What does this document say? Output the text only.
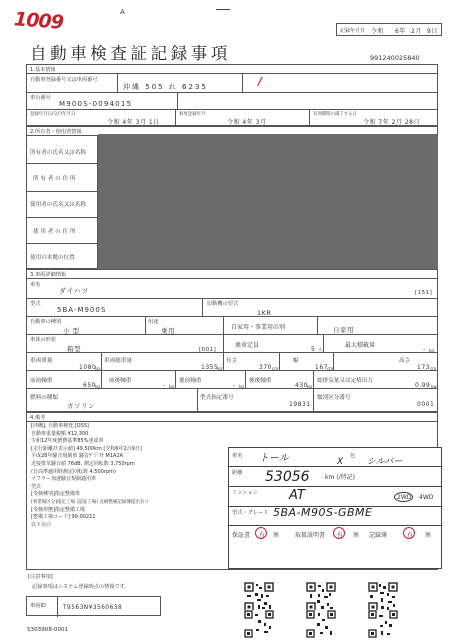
1009	A
記録年月日 令和 6年 2月 9日
自動車検査証記録事項	991240025840
1.基本情報
自動車登録番号又は車両番号
沖縄 505 れ 6235
車台番号
M900S-0094015
登録年月日/交付年月日
令和 4年 3月 1日
初度登録年月
令和 4年 3月
有効期間の満了する日
令和 7年 2月 28日
/
2.所有者・使用者情報
所有者の氏名又は名称
所 有 者 の 住 所
使用者の氏名又は名称
使 用 者 の 住 所
使用の本拠の位置
3.車両詳細情報
車名
ダイハツ	[151]
型式
5BA-M900S
原動機の型式
1KR
自動車の種別
小 型
用途
乗用	自家用・事業用の別	自家用
車体の形状
箱型	[001]
乗車定員
5 人
最大積載量
- kg
車両重量
1080
kg
車両総重量
1355
kg
長さ
370 cm
幅
167 cm
高さ
173 cm
前前軸重
650 kg
前後軸重
- kg
後前軸重
- kg
後後軸重
430 kg
総排気量又は定格出力
0.99 kw
燃料の種類
ガソリン
型式指定番号
19831
類別区分番号
0001
4.備考
[沖縄], 自動車検査,[OSS]
自動車重量税額 ¥12,300
令和12年度燃費基準85%達成車
[走行距離計表示値] 49,500km [令和6年2月9日]
平成28年騒音規制車 騒音ﾃﾞｼﾞｽﾅ M1A2A
近接排気騒音値 76dB, 測定回転数 3,750rpm
(日高準適用時測定回転数 4,500rpm)
マフラー加速騒音規制適用車
型式
[受検種別]指定整備車
[事業場区分]指定工場 (認証工場) 点検整備記録簿提出有り
[受検形態]指定整備工場
[整備工場コード] 99-00211
以下余白
車名 トール	X
色
シルバー
距離 53056	km (/特記)
ミッション AT	2WD 4WD
型式・グレード 5BA-M90S-GBME
保証書 有 無	取扱説明書 有 無 記録簿	有 無
[注意事項]
記録事項はシステム登録時点の情報です。
車両ID	T9563N¥3560638
5303908-0001
